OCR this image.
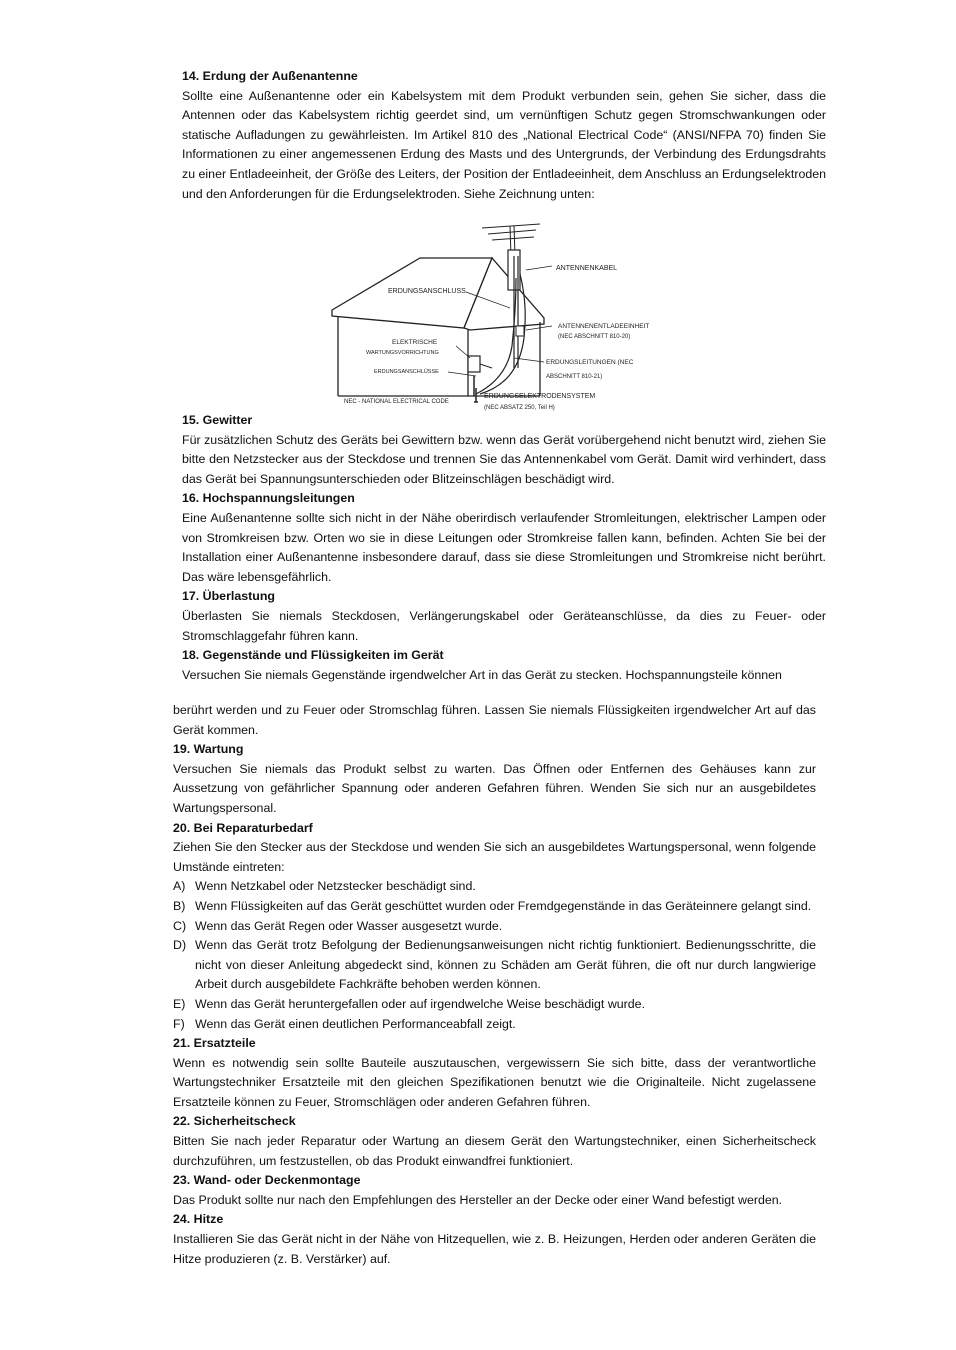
14. Erdung der Außenantenne

Sollte eine Außenantenne oder ein Kabelsystem mit dem Produkt verbunden sein, gehen Sie sicher, dass die Antennen oder das Kabelsystem richtig geerdet sind, um vernünftigen Schutz gegen Stromschwankungen oder statische Aufladungen zu gewährleisten. Im Artikel 810 des „National Electrical Code“ (ANSI/NFPA 70) finden Sie Informationen zu einer angemessenen Erdung des Masts und des Untergrunds, der Verbindung des Erdungsdrahts zu einer Entladeeinheit, der Größe des Leiters, der Position der Entladeeinheit, dem Anschluss an Erdungselektroden und den Anforderungen für die Erdungselektroden. Siehe Zeichnung unten:

ANTENNENKABEL
ERDUNGSANSCHLUSS
ANTENNENENTLADEEINHEIT
(NEC ABSCHNITT 810-20)
ELEKTRISCHE
WARTUNGSVORRICHTUNG
ERDUNGSLEITUNGEN (NEC
ABSCHNITT 810-21)
ERDUNGSANSCHLÜSSE
NEC - NATIONAL ELECTRICAL CODE
ERDUNGSELEKTRODENSYSTEM
(NEC ABSATZ 250, Teil H)

15. Gewitter

Für zusätzlichen Schutz des Geräts bei Gewittern bzw. wenn das Gerät vorübergehend nicht benutzt wird, ziehen Sie bitte den Netzstecker aus der Steckdose und trennen Sie das Antennenkabel vom Gerät. Damit wird verhindert, dass das Gerät bei Spannungsunterschieden oder Blitzeinschlägen beschädigt wird.

16. Hochspannungsleitungen

Eine Außenantenne sollte sich nicht in der Nähe oberirdisch verlaufender Stromleitungen, elektrischer Lampen oder von Stromkreisen bzw. Orten wo sie in diese Leitungen oder Stromkreise fallen kann, befinden. Achten Sie bei der Installation einer Außenantenne insbesondere darauf, dass sie diese Stromleitungen und Stromkreise nicht berührt. Das wäre lebensgefährlich.

17. Überlastung

Überlasten Sie niemals Steckdosen, Verlängerungskabel oder Geräteanschlüsse, da dies zu Feuer- oder Stromschlaggefahr führen kann.

18. Gegenstände und Flüssigkeiten im Gerät

Versuchen Sie niemals Gegenstände irgendwelcher Art in das Gerät zu stecken. Hochspannungsteile können

berührt werden und zu Feuer oder Stromschlag führen. Lassen Sie niemals Flüssigkeiten irgendwelcher Art auf das Gerät kommen.

19. Wartung

Versuchen Sie niemals das Produkt selbst zu warten. Das Öffnen oder Entfernen des Gehäuses kann zur Aussetzung von gefährlicher Spannung oder anderen Gefahren führen. Wenden Sie sich nur an ausgebildetes Wartungspersonal.

20. Bei Reparaturbedarf

Ziehen Sie den Stecker aus der Steckdose und wenden Sie sich an ausgebildetes Wartungspersonal, wenn folgende Umstände eintreten:

A) Wenn Netzkabel oder Netzstecker beschädigt sind.
B) Wenn Flüssigkeiten auf das Gerät geschüttet wurden oder Fremdgegenstände in das Geräteinnere gelangt sind.
C) Wenn das Gerät Regen oder Wasser ausgesetzt wurde.
D) Wenn das Gerät trotz Befolgung der Bedienungsanweisungen nicht richtig funktioniert. Bedienungsschritte, die nicht von dieser Anleitung abgedeckt sind, können zu Schäden am Gerät führen, die oft nur durch langwierige Arbeit durch ausgebildete Fachkräfte behoben werden können.
E) Wenn das Gerät heruntergefallen oder auf irgendwelche Weise beschädigt wurde.
F) Wenn das Gerät einen deutlichen Performanceabfall zeigt.

21. Ersatzteile

Wenn es notwendig sein sollte Bauteile auszutauschen, vergewissern Sie sich bitte, dass der verantwortliche Wartungstechniker Ersatzteile mit den gleichen Spezifikationen benutzt wie die Originalteile. Nicht zugelassene Ersatzteile können zu Feuer, Stromschlägen oder anderen Gefahren führen.

22. Sicherheitscheck

Bitten Sie nach jeder Reparatur oder Wartung an diesem Gerät den Wartungstechniker, einen Sicherheitscheck durchzuführen, um festzustellen, ob das Produkt einwandfrei funktioniert.

23. Wand- oder Deckenmontage

Das Produkt sollte nur nach den Empfehlungen des Hersteller an der Decke oder einer Wand befestigt werden.

24. Hitze

Installieren Sie das Gerät nicht in der Nähe von Hitzequellen, wie z. B. Heizungen, Herden oder anderen Geräten die Hitze produzieren (z. B. Verstärker) auf.
